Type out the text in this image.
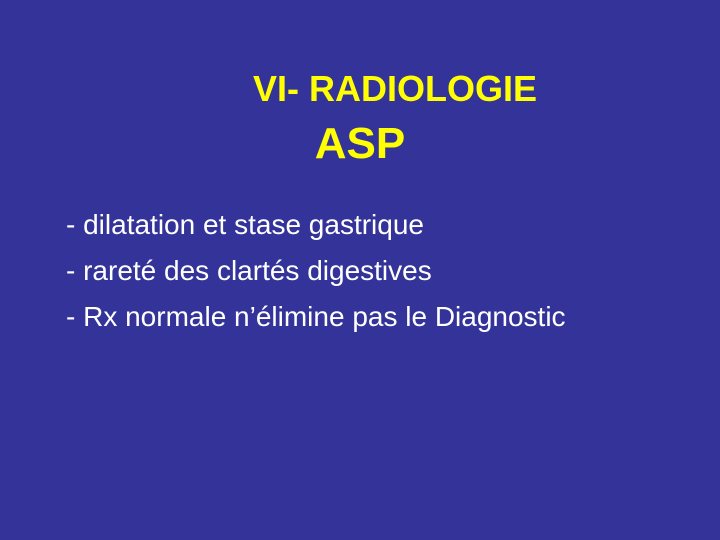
VI- RADIOLOGIE
ASP
- dilatation et stase gastrique
- rareté des clartés digestives
- Rx normale n’élimine pas le Diagnostic
